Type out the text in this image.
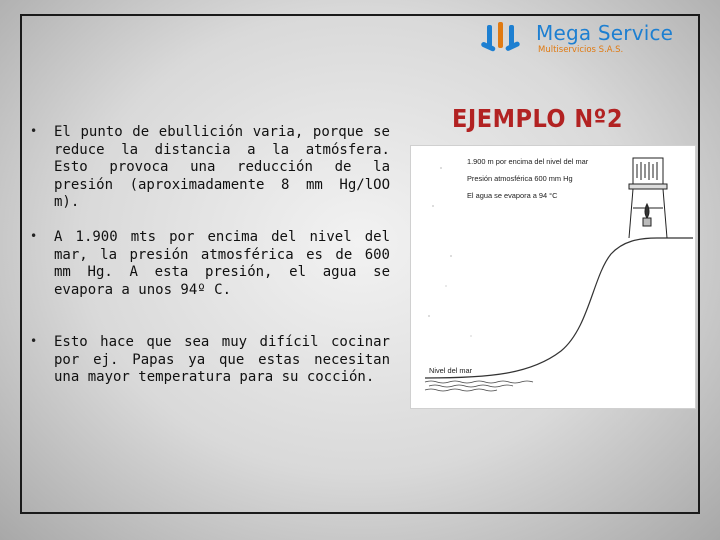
Mega Service
Multiservicios S.A.S.
EJEMPLO Nº2
• El punto de ebullición varia, porque se reduce la distancia a la atmósfera. Esto provoca una reducción de la presión (aproximadamente 8 mm Hg/lOO m).
• A 1.900 mts por encima del nivel del mar, la presión atmosférica es de 600 mm Hg. A esta presión, el agua se evapora a unos 94º C.
• Esto hace que sea muy difícil cocinar por ej. Papas ya que estas necesitan una mayor temperatura para su cocción.
1.900 m por encima del nivel del mar
Presión atmosférica 600 mm Hg
El agua se evapora a 94 °C
Nivel del mar
